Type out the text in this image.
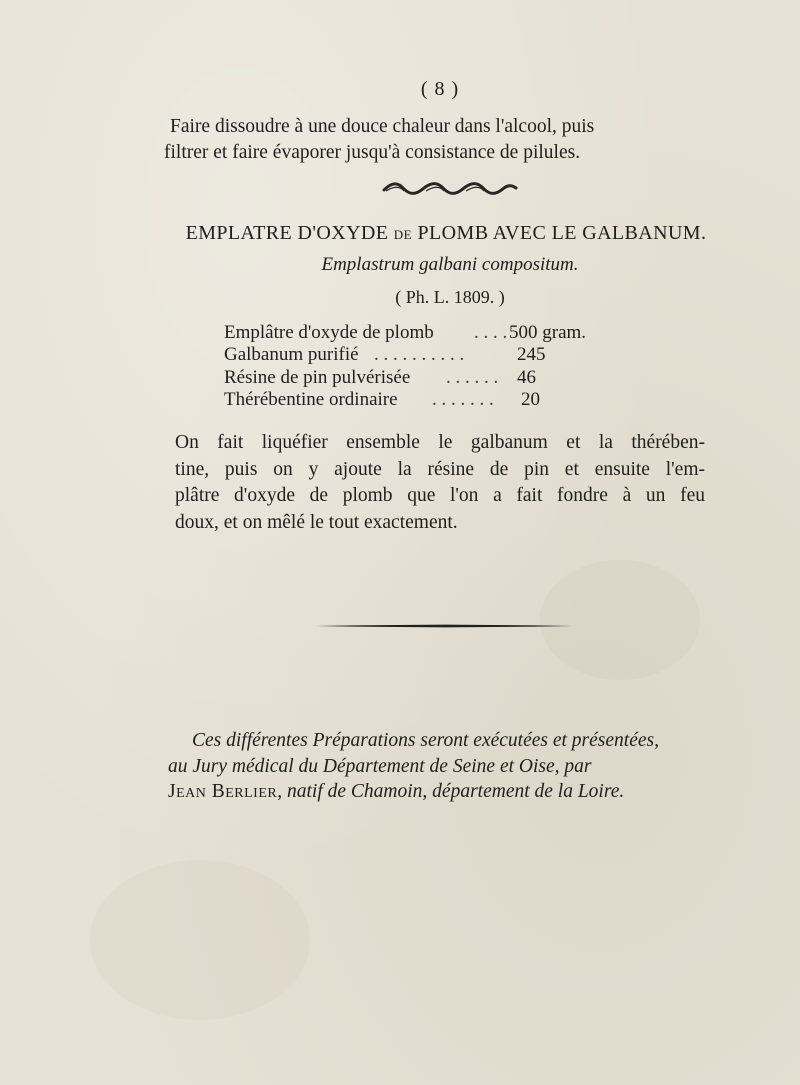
( 8 )
Faire dissoudre à une douce chaleur dans l'alcool, puis
filtrer et faire évaporer jusqu'à consistance de pilules.
EMPLATRE D'OXYDE DE PLOMB AVEC LE GALBANUM.
Emplastrum galbani compositum.
( Ph. L. 1809. )
Emplâtre d'oxyde de plomb . . . . 500 gram.
Galbanum purifié . . . . . . . . . .	245
Résine de pin pulvérisée . . . . . . 46
Thérébentine ordinaire . . . . . . . 20
On fait liquéfier ensemble le galbanum et la thérében-
tine, puis on y ajoute la résine de pin et ensuite l'em-
plâtre d'oxyde de plomb que l'on a fait fondre à un feu
doux, et on mêlé le tout exactement.
Ces différentes Préparations seront exécutées et présentées,
au Jury médical du Département de Seine et Oise, par
Jean Berlier, natif de Chamoin, département de la Loire.
